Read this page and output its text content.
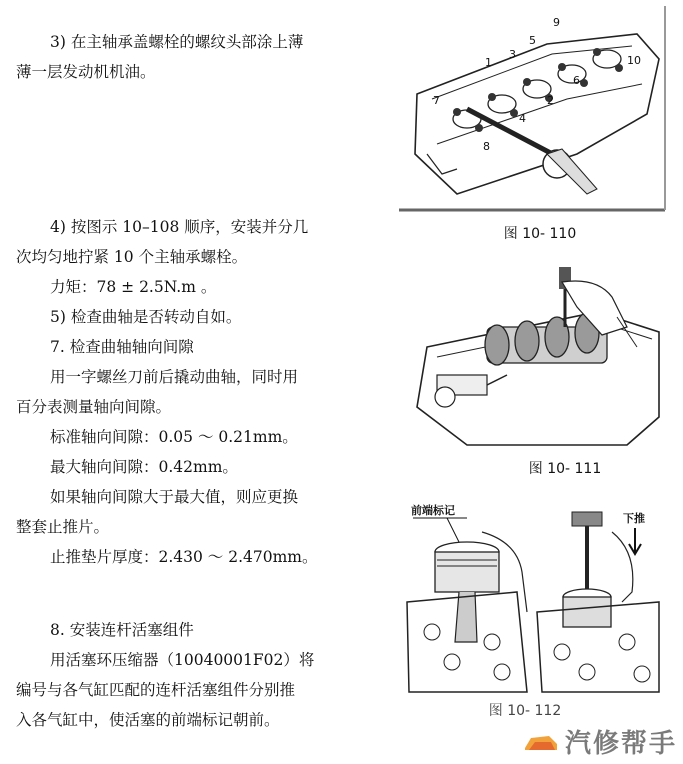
3) 在主轴承盖螺栓的螺纹头部涂上薄

薄一层发动机机油。

4) 按图示 10–108 顺序，安装并分几

次均匀地拧紧 10 个主轴承螺栓。

力矩：78 ± 2.5N.m 。

5) 检查曲轴是否转动自如。

7. 检查曲轴轴向间隙

用一字螺丝刀前后撬动曲轴，同时用

百分表测量轴向间隙。

标准轴向间隙：0.05 ～ 0.21mm。

最大轴向间隙：0.42mm。

如果轴向间隙大于最大值，则应更换

整套止推片。

止推垫片厚度：2.430 ～ 2.470mm。

8. 安装连杆活塞组件

用活塞环压缩器（10040001F02）将

编号与各气缸匹配的连杆活塞组件分别推

入各气缸中，使活塞的前端标记朝前。

9
5
3
1
6
10
7	2
4
8
图 10- 110
图 10- 111
前端标记
下推
图 10- 112
汽修帮手
